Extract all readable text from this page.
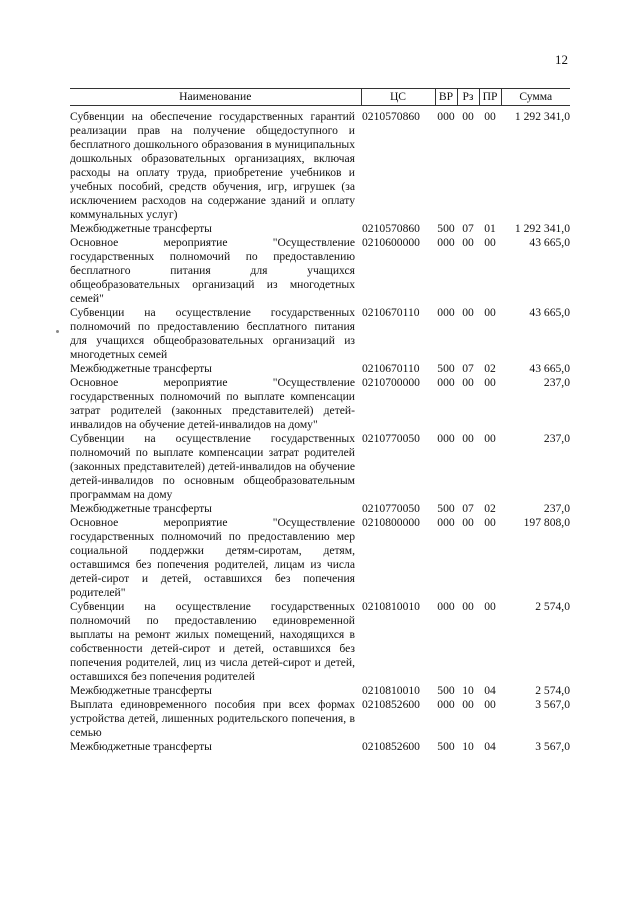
12
Наименование	ЦС	ВР	Рз	ПР	Сумма
Субвенции на обеспечение государственных гарантий реализации прав на получение общедоступного и бесплатного дошкольного образования в муниципальных дошкольных образовательных организациях, включая расходы на оплату труда, приобретение учебников и учебных пособий, средств обучения, игр, игрушек (за исключением расходов на содержание зданий и оплату коммунальных услуг)	0210570860	000	00	00	1 292 341,0
Межбюджетные трансферты	0210570860	500	07	01	1 292 341,0
Основное мероприятие "Осуществление государственных полномочий по предоставлению бесплатного питания для учащихся общеобразовательных организаций из многодетных семей"	0210600000	000	00	00	43 665,0
Субвенции на осуществление государственных полномочий по предоставлению бесплатного питания для учащихся общеобразовательных организаций из многодетных семей	0210670110	000	00	00	43 665,0
Межбюджетные трансферты	0210670110	500	07	02	43 665,0
Основное мероприятие "Осуществление государственных полномочий по выплате компенсации затрат родителей (законных представителей) детей-инвалидов на обучение детей-инвалидов на дому"	0210700000	000	00	00	237,0
Субвенции на осуществление государственных полномочий по выплате компенсации затрат родителей (законных представителей) детей-инвалидов на обучение детей-инвалидов по основным общеобразовательным программам на дому	0210770050	000	00	00	237,0
Межбюджетные трансферты	0210770050	500	07	02	237,0
Основное мероприятие "Осуществление государственных полномочий по предоставлению мер социальной поддержки детям-сиротам, детям, оставшимся без попечения родителей, лицам из числа детей-сирот и детей, оставшихся без попечения родителей"	0210800000	000	00	00	197 808,0
Субвенции на осуществление государственных полномочий по предоставлению единовременной выплаты на ремонт жилых помещений, находящихся в собственности детей-сирот и детей, оставшихся без попечения родителей, лиц из числа детей-сирот и детей, оставшихся без попечения родителей	0210810010	000	00	00	2 574,0
Межбюджетные трансферты	0210810010	500	10	04	2 574,0
Выплата единовременного пособия при всех формах устройства детей, лишенных родительского попечения, в семью	0210852600	000	00	00	3 567,0
Межбюджетные трансферты	0210852600	500	10	04	3 567,0
